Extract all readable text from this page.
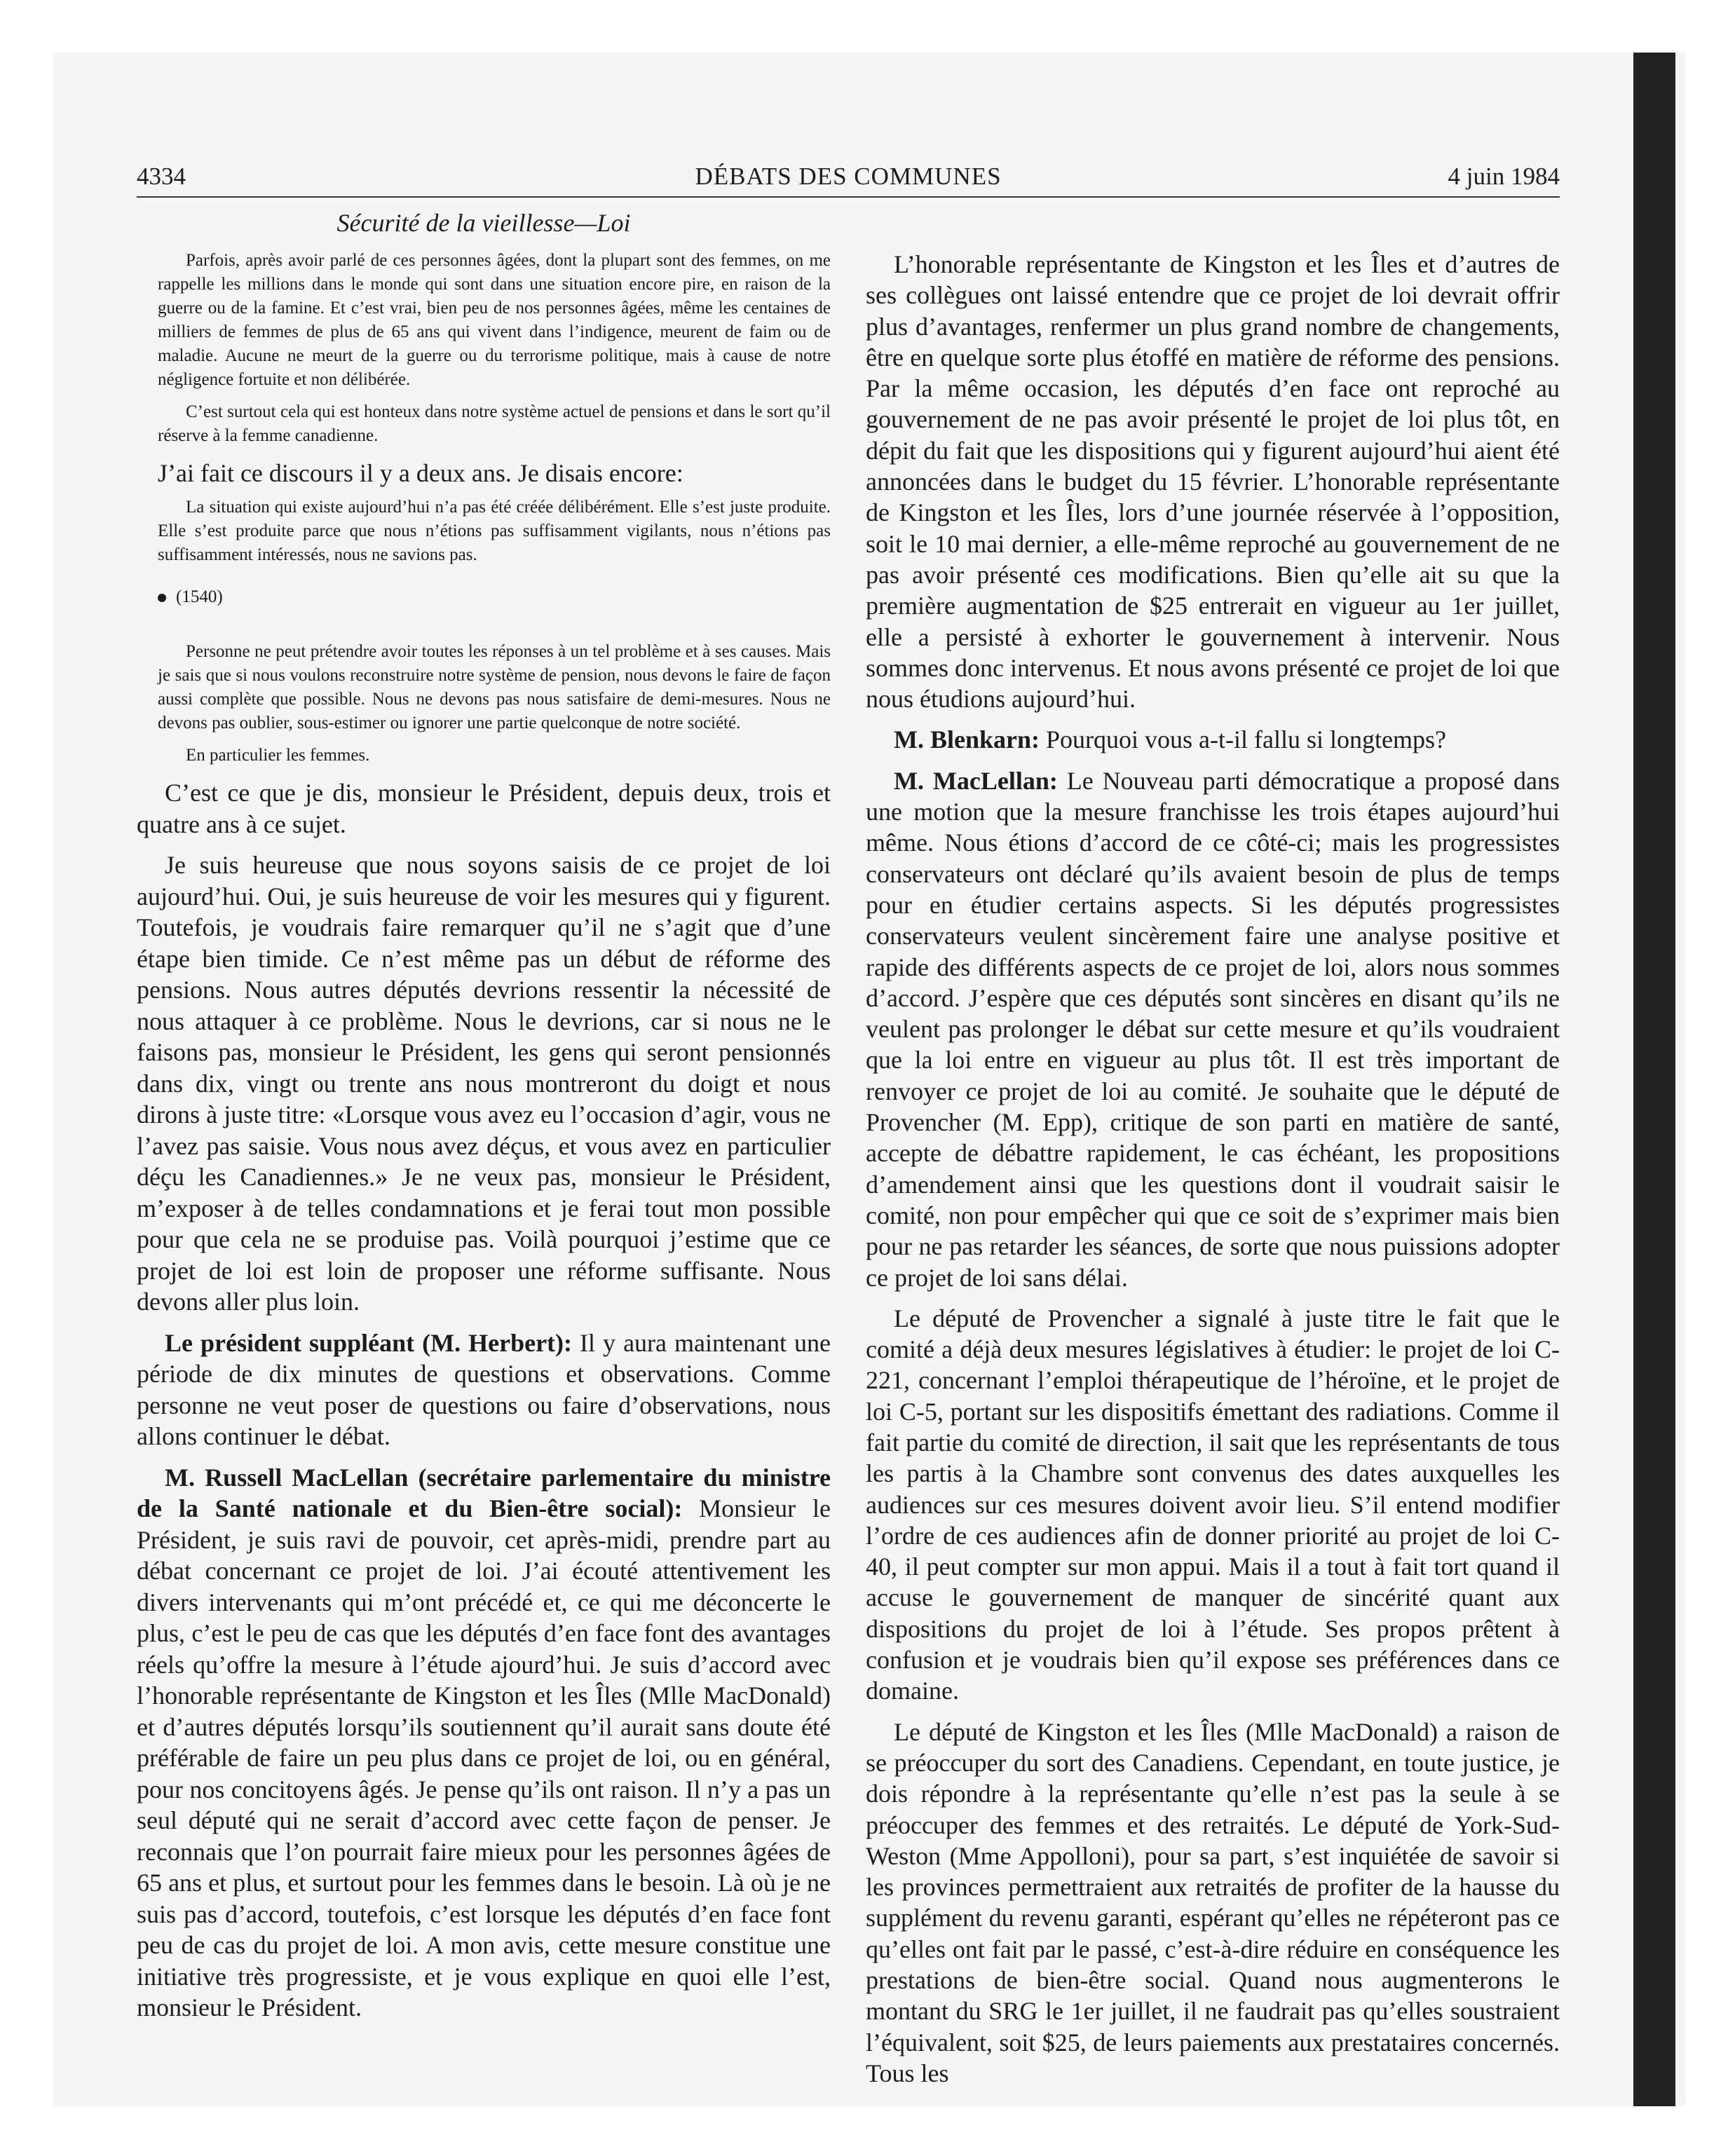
4334	DÉBATS DES COMMUNES	4 juin 1984
Sécurité de la vieillesse—Loi

Parfois, après avoir parlé de ces personnes âgées, dont la plupart sont des femmes, on me rappelle les millions dans le monde qui sont dans une situation encore pire, en raison de la guerre ou de la famine. Et c’est vrai, bien peu de nos personnes âgées, même les centaines de milliers de femmes de plus de 65 ans qui vivent dans l’indigence, meurent de faim ou de maladie. Aucune ne meurt de la guerre ou du terrorisme politique, mais à cause de notre négligence fortuite et non délibérée.

C’est surtout cela qui est honteux dans notre système actuel de pensions et dans le sort qu’il réserve à la femme canadienne.

J’ai fait ce discours il y a deux ans. Je disais encore:

La situation qui existe aujourd’hui n’a pas été créée délibérément. Elle s’est juste produite. Elle s’est produite parce que nous n’étions pas suffisamment vigilants, nous n’étions pas suffisamment intéressés, nous ne savions pas.

(1540)

Personne ne peut prétendre avoir toutes les réponses à un tel problème et à ses causes. Mais je sais que si nous voulons reconstruire notre système de pension, nous devons le faire de façon aussi complète que possible. Nous ne devons pas nous satisfaire de demi-mesures. Nous ne devons pas oublier, sous-estimer ou ignorer une partie quelconque de notre société.

En particulier les femmes.

C’est ce que je dis, monsieur le Président, depuis deux, trois et quatre ans à ce sujet.

Je suis heureuse que nous soyons saisis de ce projet de loi aujourd’hui. Oui, je suis heureuse de voir les mesures qui y figurent. Toutefois, je voudrais faire remarquer qu’il ne s’agit que d’une étape bien timide. Ce n’est même pas un début de réforme des pensions. Nous autres députés devrions ressentir la nécessité de nous attaquer à ce problème. Nous le devrions, car si nous ne le faisons pas, monsieur le Président, les gens qui seront pensionnés dans dix, vingt ou trente ans nous montreront du doigt et nous dirons à juste titre: «Lorsque vous avez eu l’occasion d’agir, vous ne l’avez pas saisie. Vous nous avez déçus, et vous avez en particulier déçu les Canadiennes.» Je ne veux pas, monsieur le Président, m’exposer à de telles condamnations et je ferai tout mon possible pour que cela ne se produise pas. Voilà pourquoi j’estime que ce projet de loi est loin de proposer une réforme suffisante. Nous devons aller plus loin.

Le président suppléant (M. Herbert): Il y aura maintenant une période de dix minutes de questions et observations. Comme personne ne veut poser de questions ou faire d’observations, nous allons continuer le débat.

M. Russell MacLellan (secrétaire parlementaire du ministre de la Santé nationale et du Bien-être social): Monsieur le Président, je suis ravi de pouvoir, cet après-midi, prendre part au débat concernant ce projet de loi. J’ai écouté attentivement les divers intervenants qui m’ont précédé et, ce qui me déconcerte le plus, c’est le peu de cas que les députés d’en face font des avantages réels qu’offre la mesure à l’étude ajourd’hui. Je suis d’accord avec l’honorable représentante de Kingston et les Îles (Mlle MacDonald) et d’autres députés lorsqu’ils soutiennent qu’il aurait sans doute été préférable de faire un peu plus dans ce projet de loi, ou en général, pour nos concitoyens âgés. Je pense qu’ils ont raison. Il n’y a pas un seul député qui ne serait d’accord avec cette façon de penser. Je reconnais que l’on pourrait faire mieux pour les personnes âgées de 65 ans et plus, et surtout pour les femmes dans le besoin. Là où je ne suis pas d’accord, toutefois, c’est lorsque les députés d’en face font peu de cas du projet de loi. A mon avis, cette mesure constitue une initiative très progressiste, et je vous explique en quoi elle l’est, monsieur le Président.

L’honorable représentante de Kingston et les Îles et d’autres de ses collègues ont laissé entendre que ce projet de loi devrait offrir plus d’avantages, renfermer un plus grand nombre de changements, être en quelque sorte plus étoffé en matière de réforme des pensions. Par la même occasion, les députés d’en face ont reproché au gouvernement de ne pas avoir présenté le projet de loi plus tôt, en dépit du fait que les dispositions qui y figurent aujourd’hui aient été annoncées dans le budget du 15 février. L’honorable représentante de Kingston et les Îles, lors d’une journée réservée à l’opposition, soit le 10 mai dernier, a elle-même reproché au gouvernement de ne pas avoir présenté ces modifications. Bien qu’elle ait su que la première augmentation de $25 entrerait en vigueur au 1er juillet, elle a persisté à exhorter le gouvernement à intervenir. Nous sommes donc intervenus. Et nous avons présenté ce projet de loi que nous étudions aujourd’hui.

M. Blenkarn: Pourquoi vous a-t-il fallu si longtemps?

M. MacLellan: Le Nouveau parti démocratique a proposé dans une motion que la mesure franchisse les trois étapes aujourd’hui même. Nous étions d’accord de ce côté-ci; mais les progressistes conservateurs ont déclaré qu’ils avaient besoin de plus de temps pour en étudier certains aspects. Si les députés progressistes conservateurs veulent sincèrement faire une analyse positive et rapide des différents aspects de ce projet de loi, alors nous sommes d’accord. J’espère que ces députés sont sincères en disant qu’ils ne veulent pas prolonger le débat sur cette mesure et qu’ils voudraient que la loi entre en vigueur au plus tôt. Il est très important de renvoyer ce projet de loi au comité. Je souhaite que le député de Provencher (M. Epp), critique de son parti en matière de santé, accepte de débattre rapidement, le cas échéant, les propositions d’amendement ainsi que les questions dont il voudrait saisir le comité, non pour empêcher qui que ce soit de s’exprimer mais bien pour ne pas retarder les séances, de sorte que nous puissions adopter ce projet de loi sans délai.

Le député de Provencher a signalé à juste titre le fait que le comité a déjà deux mesures législatives à étudier: le projet de loi C-221, concernant l’emploi thérapeutique de l’héroïne, et le projet de loi C-5, portant sur les dispositifs émettant des radiations. Comme il fait partie du comité de direction, il sait que les représentants de tous les partis à la Chambre sont convenus des dates auxquelles les audiences sur ces mesures doivent avoir lieu. S’il entend modifier l’ordre de ces audiences afin de donner priorité au projet de loi C-40, il peut compter sur mon appui. Mais il a tout à fait tort quand il accuse le gouvernement de manquer de sincérité quant aux dispositions du projet de loi à l’étude. Ses propos prêtent à confusion et je voudrais bien qu’il expose ses préférences dans ce domaine.

Le député de Kingston et les Îles (Mlle MacDonald) a raison de se préoccuper du sort des Canadiens. Cependant, en toute justice, je dois répondre à la représentante qu’elle n’est pas la seule à se préoccuper des femmes et des retraités. Le député de York-Sud-Weston (Mme Appolloni), pour sa part, s’est inquiétée de savoir si les provinces permettraient aux retraités de profiter de la hausse du supplément du revenu garanti, espérant qu’elles ne répéteront pas ce qu’elles ont fait par le passé, c’est-à-dire réduire en conséquence les prestations de bien-être social. Quand nous augmenterons le montant du SRG le 1er juillet, il ne faudrait pas qu’elles soustraient l’équivalent, soit $25, de leurs paiements aux prestataires concernés. Tous les
